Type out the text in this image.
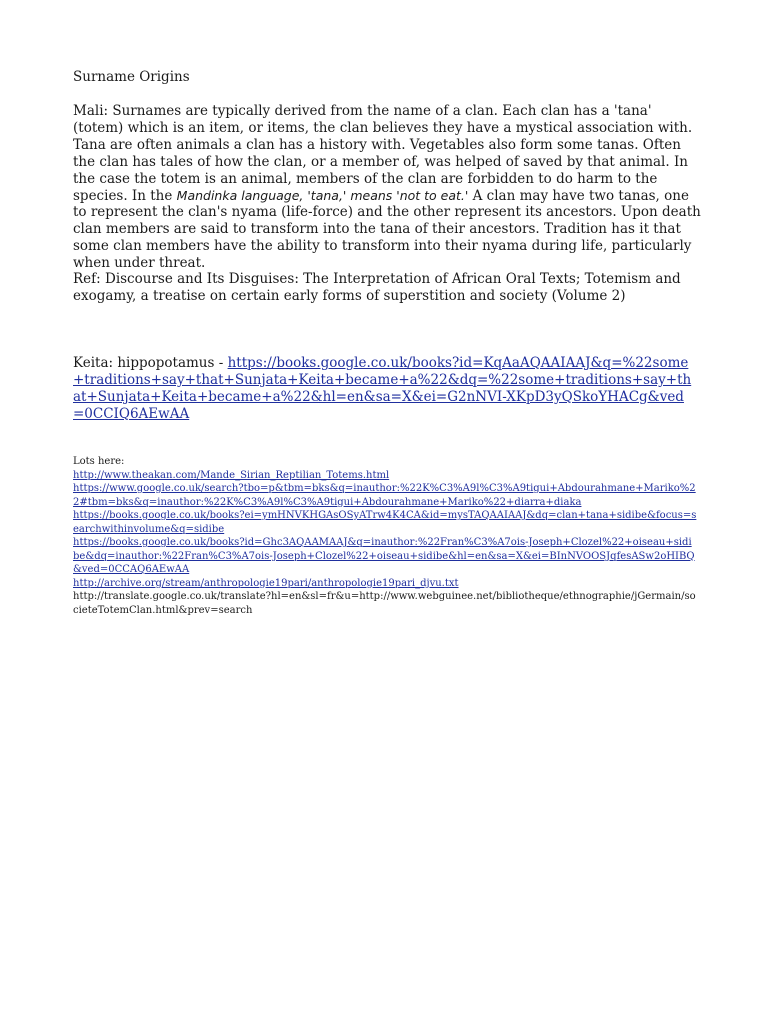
Surname Origins
Mali: Surnames are typically derived from the name of a clan. Each clan has a 'tana' (totem) which is an item, or items, the clan believes they have a mystical association with. Tana are often animals a clan has a history with. Vegetables also form some tanas. Often the clan has tales of how the clan, or a member of, was helped of saved by that animal. In the case the totem is an animal, members of the clan are forbidden to do harm to the species. In the Mandinka language, 'tana,' means 'not to eat.' A clan may have two tanas, one to represent the clan's nyama (life-force) and the other represent its ancestors. Upon death clan members are said to transform into the tana of their ancestors. Tradition has it that some clan members have the ability to transform into their nyama during life, particularly when under threat.
Ref: Discourse and Its Disguises: The Interpretation of African Oral Texts; Totemism and exogamy, a treatise on certain early forms of superstition and society (Volume 2)
Keita: hippopotamus - https://books.google.co.uk/books?id=KqAaAQAAIAAJ&q=%22some+traditions+say+that+Sunjata+Keita+became+a%22&dq=%22some+traditions+say+that+Sunjata+Keita+became+a%22&hl=en&sa=X&ei=G2nNVI-XKpD3yQSkoYHACg&ved=0CCIQ6AEwAA
Lots here:
http://www.theakan.com/Mande_Sirian_Reptilian_Totems.html
https://www.google.co.uk/search?tbo=p&tbm=bks&q=inauthor:%22K%C3%A9l%C3%A9tigui+Abdourahmane+Mariko%22#tbm=bks&q=inauthor:%22K%C3%A9l%C3%A9tigui+Abdourahmane+Mariko%22+diarra+diaka
https://books.google.co.uk/books?ei=ymHNVKHGAsOSyATrw4K4CA&id=mysTAQAAIAAJ&dq=clan+tana+sidibe&focus=searchwithinvolume&q=sidibe
https://books.google.co.uk/books?id=Ghc3AQAAMAAJ&q=inauthor:%22Fran%C3%A7ois-Joseph+Clozel%22+oiseau+sidibe&dq=inauthor:%22Fran%C3%A7ois-Joseph+Clozel%22+oiseau+sidibe&hl=en&sa=X&ei=BInNVOOSJqfesASw2oHIBQ&ved=0CCAQ6AEwAA
http://archive.org/stream/anthropologie19pari/anthropologie19pari_djvu.txt
http://translate.google.co.uk/translate?hl=en&sl=fr&u=http://www.webguinee.net/bibliotheque/ethnographie/jGermain/societeTotemClan.html&prev=search
